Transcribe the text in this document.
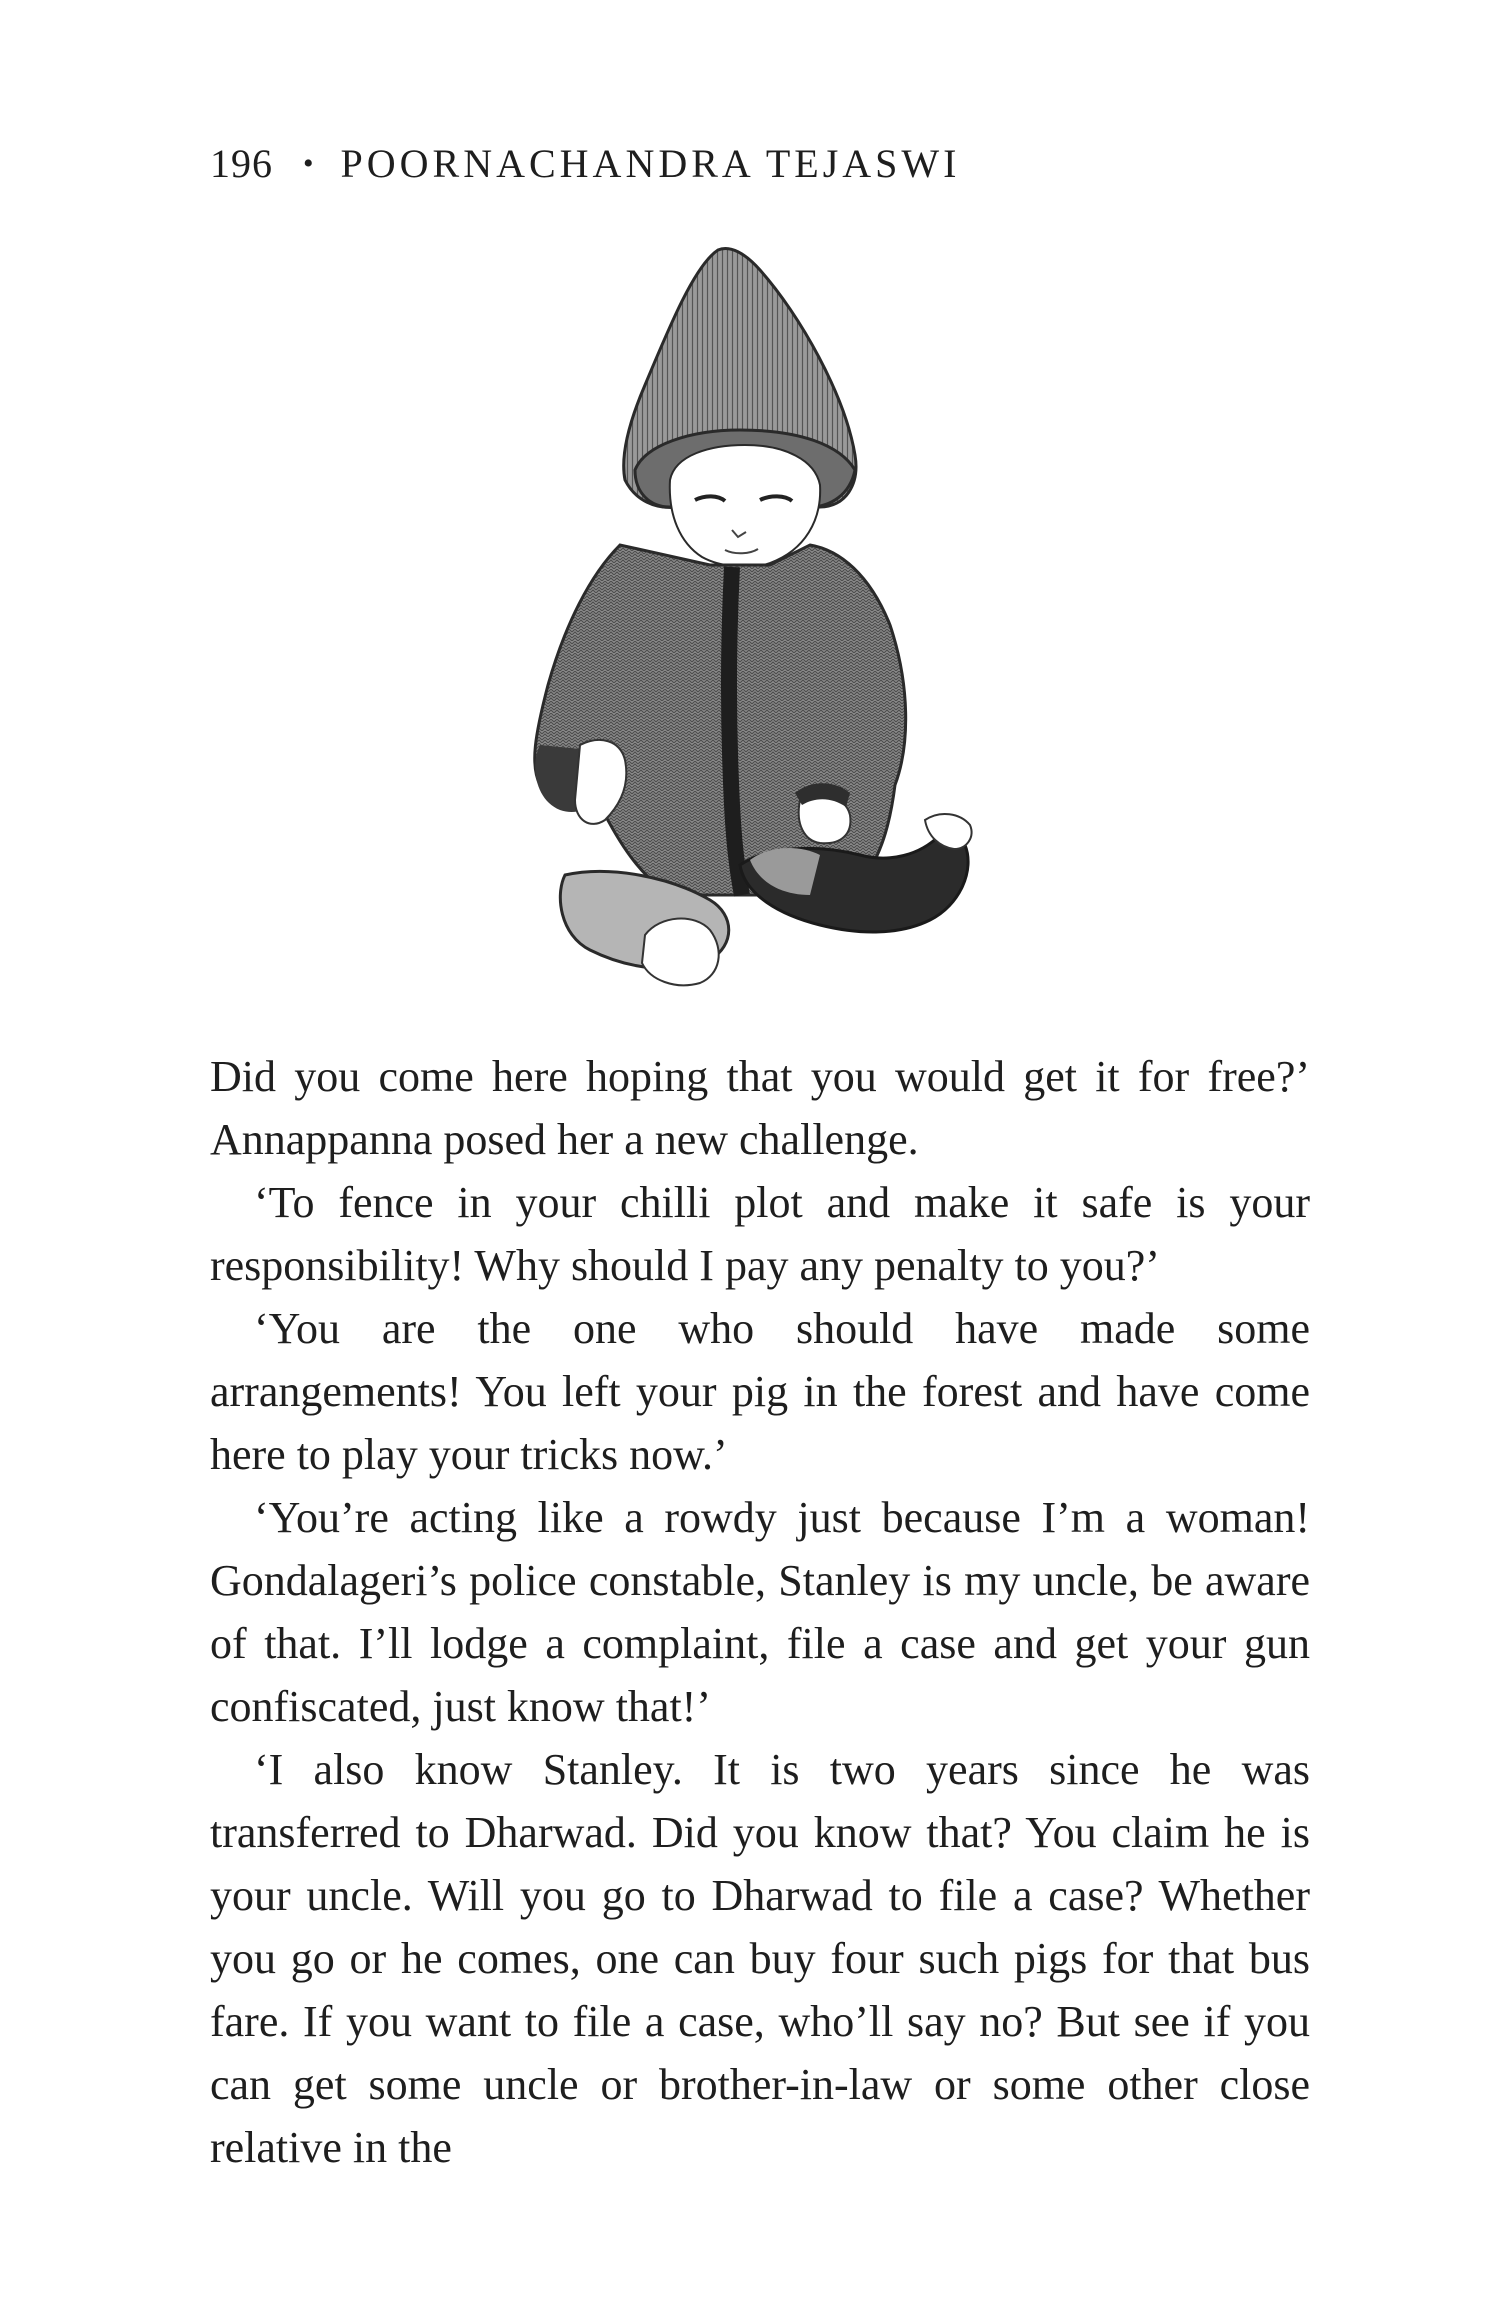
196 • POORNACHANDRA TEJASWI

Did you come here hoping that you would get it for free?’ Annappanna posed her a new challenge.

‘To fence in your chilli plot and make it safe is your responsibility! Why should I pay any penalty to you?’

‘You are the one who should have made some arrangements! You left your pig in the forest and have come here to play your tricks now.’

‘You’re acting like a rowdy just because I’m a woman! Gondalageri’s police constable, Stanley is my uncle, be aware of that. I’ll lodge a complaint, file a case and get your gun confiscated, just know that!’

‘I also know Stanley. It is two years since he was transferred to Dharwad. Did you know that? You claim he is your uncle. Will you go to Dharwad to file a case? Whether you go or he comes, one can buy four such pigs for that bus fare. If you want to file a case, who’ll say no? But see if you can get some uncle or brother-in-law or some other close relative in the
